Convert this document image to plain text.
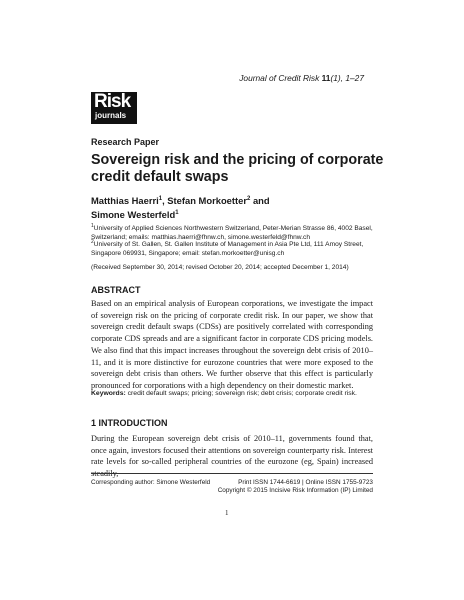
Journal of Credit Risk 11(1), 1–27
Risk
journals
Research Paper
Sovereign risk and the pricing of corporate credit default swaps
Matthias Haerri$^1$, Stefan Morkoetter$^2$ and
Simone Westerfeld$^1$
$^1$University of Applied Sciences Northwestern Switzerland, Peter-Merian Strasse 86, 4002 Basel, Switzerland; emails: matthias.haerri@fhnw.ch, simone.westerfeld@fhnw.ch
$^2$University of St. Gallen, St. Gallen Institute of Management in Asia Pte Ltd, 111 Amoy Street, Singapore 069931, Singapore; email: stefan.morkoetter@unisg.ch
(Received September 30, 2014; revised October 20, 2014; accepted December 1, 2014)
ABSTRACT
Based on an empirical analysis of European corporations, we investigate the impact of sovereign risk on the pricing of corporate credit risk. In our paper, we show that sovereign credit default swaps (CDSs) are positively correlated with corresponding corporate CDS spreads and are a significant factor in corporate CDS pricing models. We also find that this impact increases throughout the sovereign debt crisis of 2010–11, and it is more distinctive for eurozone countries that were more exposed to the sovereign debt crisis than others. We further observe that this effect is particularly pronounced for corporations with a high dependency on their domestic market.
Keywords: credit default swaps; pricing; sovereign risk; debt crisis; corporate credit risk.
1 INTRODUCTION
During the European sovereign debt crisis of 2010–11, governments found that, once again, investors focused their attentions on sovereign counterparty risk. Interest rate levels for so-called peripheral countries of the eurozone (eg, Spain) increased steadily,
Corresponding author: Simone Westerfeld	Print ISSN 1744-6619 | Online ISSN 1755-9723
Copyright © 2015 Incisive Risk Information (IP) Limited
1
